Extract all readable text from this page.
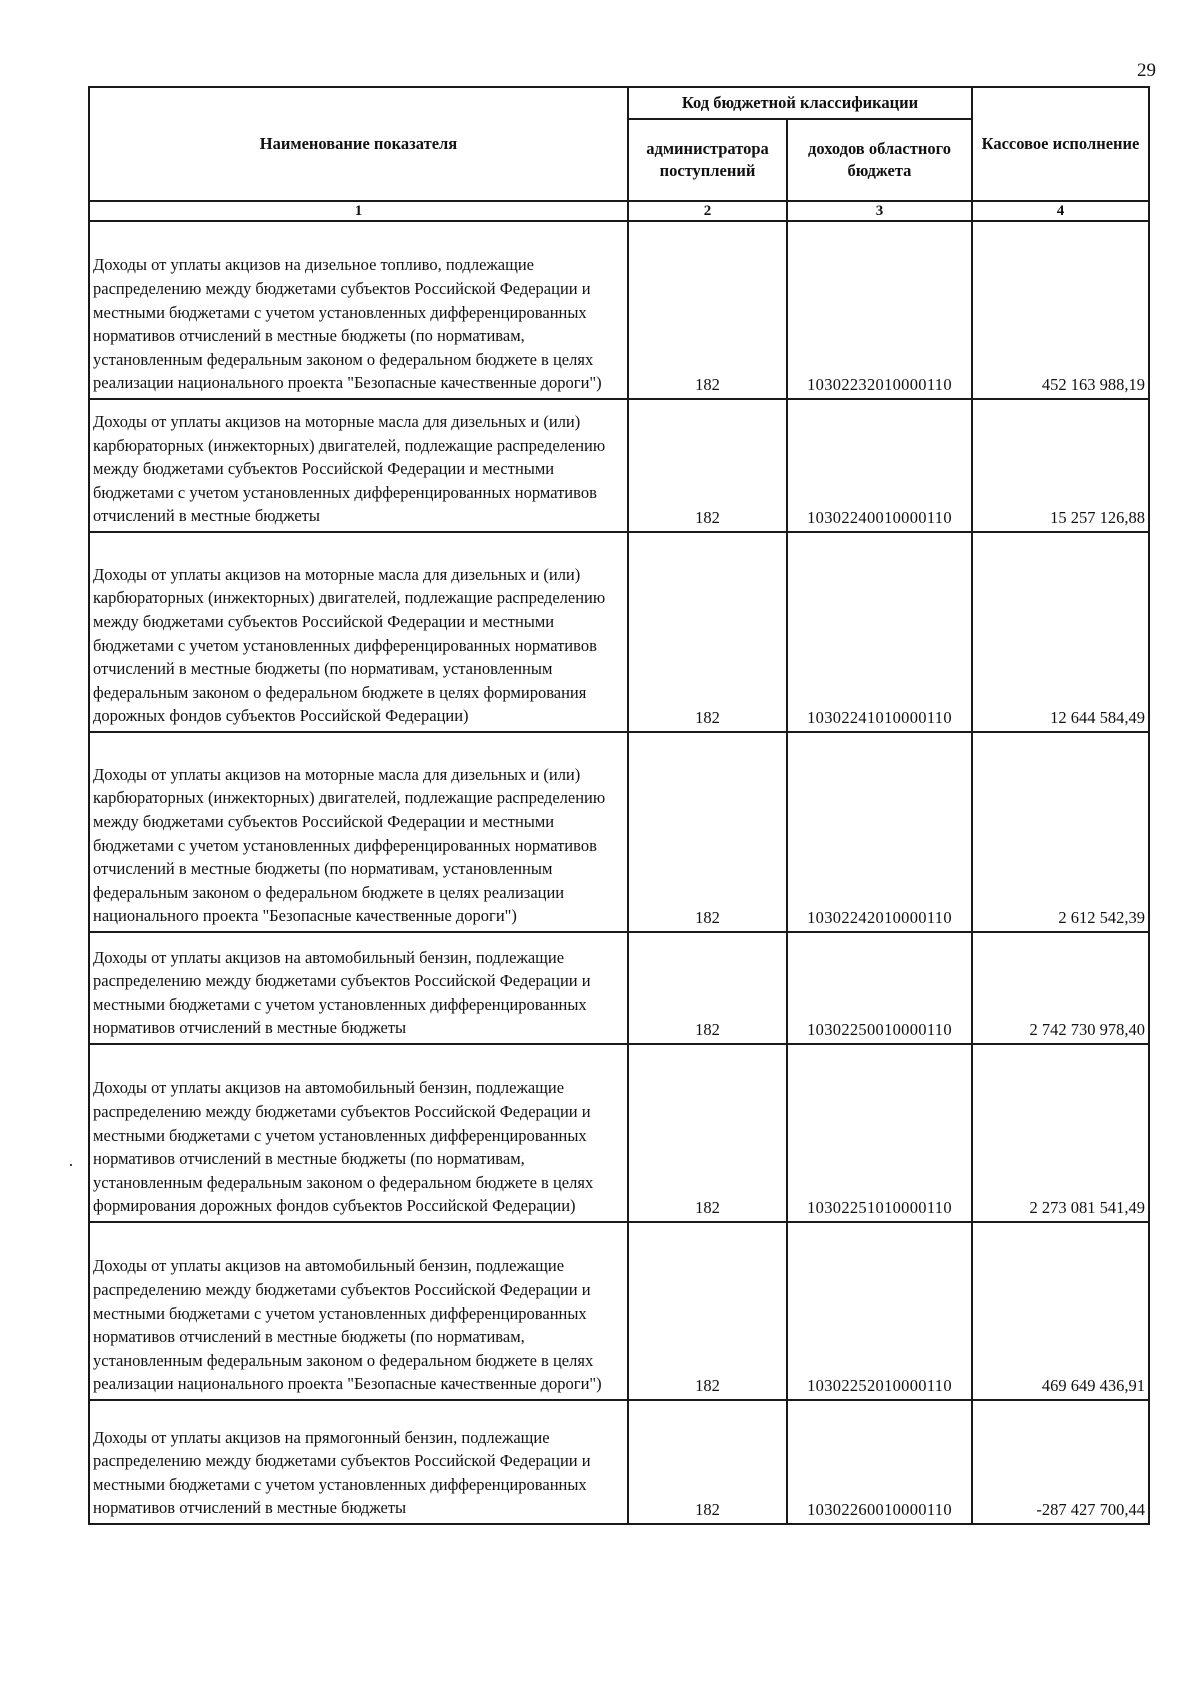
29
Наименование показателя	Код бюджетной классификации		Кассовое исполнение
	администратора поступлений	доходов областного бюджета	
1	2	3	4
Доходы от уплаты акцизов на дизельное топливо, подлежащие распределению между бюджетами субъектов Российской Федерации и местными бюджетами с учетом установленных дифференцированных нормативов отчислений в местные бюджеты (по нормативам, установленным федеральным законом о федеральном бюджете в целях реализации национального проекта "Безопасные качественные дороги")	182	10302232010000110	452 163 988,19
Доходы от уплаты акцизов на моторные масла для дизельных и (или) карбюраторных (инжекторных) двигателей, подлежащие распределению между бюджетами субъектов Российской Федерации и местными бюджетами с учетом установленных дифференцированных нормативов отчислений в местные бюджеты	182	10302240010000110	15 257 126,88
Доходы от уплаты акцизов на моторные масла для дизельных и (или) карбюраторных (инжекторных) двигателей, подлежащие распределению между бюджетами субъектов Российской Федерации и местными бюджетами с учетом установленных дифференцированных нормативов отчислений в местные бюджеты (по нормативам, установленным федеральным законом о федеральном бюджете в целях формирования дорожных фондов субъектов Российской Федерации)	182	10302241010000110	12 644 584,49
Доходы от уплаты акцизов на моторные масла для дизельных и (или) карбюраторных (инжекторных) двигателей, подлежащие распределению между бюджетами субъектов Российской Федерации и местными бюджетами с учетом установленных дифференцированных нормативов отчислений в местные бюджеты (по нормативам, установленным федеральным законом о федеральном бюджете в целях реализации национального проекта "Безопасные качественные дороги")	182	10302242010000110	2 612 542,39
Доходы от уплаты акцизов на автомобильный бензин, подлежащие распределению между бюджетами субъектов Российской Федерации и местными бюджетами с учетом установленных дифференцированных нормативов отчислений в местные бюджеты	182	10302250010000110	2 742 730 978,40
Доходы от уплаты акцизов на автомобильный бензин, подлежащие распределению между бюджетами субъектов Российской Федерации и местными бюджетами с учетом установленных дифференцированных нормативов отчислений в местные бюджеты (по нормативам, установленным федеральным законом о федеральном бюджете в целях формирования дорожных фондов субъектов Российской Федерации)	182	10302251010000110	2 273 081 541,49
Доходы от уплаты акцизов на автомобильный бензин, подлежащие распределению между бюджетами субъектов Российской Федерации и местными бюджетами с учетом установленных дифференцированных нормативов отчислений в местные бюджеты (по нормативам, установленным федеральным законом о федеральном бюджете в целях реализации национального проекта "Безопасные качественные дороги")	182	10302252010000110	469 649 436,91
Доходы от уплаты акцизов на прямогонный бензин, подлежащие распределению между бюджетами субъектов Российской Федерации и местными бюджетами с учетом установленных дифференцированных нормативов отчислений в местные бюджеты	182	10302260010000110	-287 427 700,44
